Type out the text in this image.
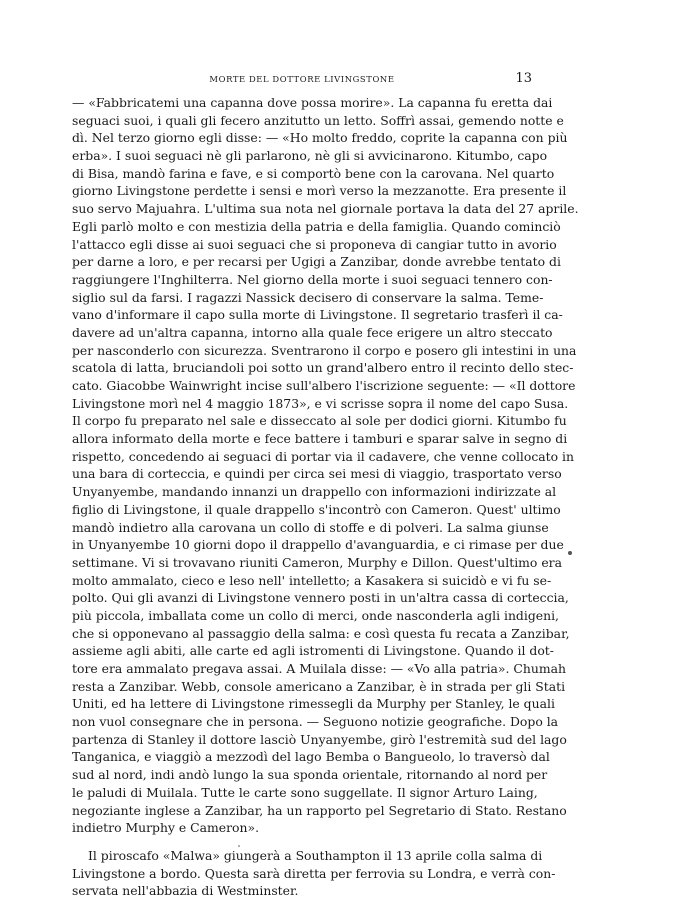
MORTE DEL DOTTORE LIVINGSTONE	13
— «Fabbricatemi una capanna dove possa morire». La capanna fu eretta dai
seguaci suoi, i quali gli fecero anzitutto un letto. Soffrì assai, gemendo notte e
dì. Nel terzo giorno egli disse: — «Ho molto freddo, coprite la capanna con più
erba». I suoi seguaci nè gli parlarono, nè gli si avvicinarono. Kitumbo, capo
di Bisa, mandò farina e fave, e si comportò bene con la carovana. Nel quarto
giorno Livingstone perdette i sensi e morì verso la mezzanotte. Era presente il
suo servo Majuahra. L'ultima sua nota nel giornale portava la data del 27 aprile.
Egli parlò molto e con mestizia della patria e della famiglia. Quando cominciò
l'attacco egli disse ai suoi seguaci che si proponeva di cangiar tutto in avorio
per darne a loro, e per recarsi per Ugigi a Zanzibar, donde avrebbe tentato di
raggiungere l'Inghilterra. Nel giorno della morte i suoi seguaci tennero con-
siglio sul da farsi. I ragazzi Nassick decisero di conservare la salma. Teme-
vano d'informare il capo sulla morte di Livingstone. Il segretario trasferì il ca-
davere ad un'altra capanna, intorno alla quale fece erigere un altro steccato
per nasconderlo con sicurezza. Sventrarono il corpo e posero gli intestini in una
scatola di latta, bruciandoli poi sotto un grand'albero entro il recinto dello stec-
cato. Giacobbe Wainwright incise sull'albero l'iscrizione seguente: — «Il dottore
Livingstone morì nel 4 maggio 1873», e vi scrisse sopra il nome del capo Susa.
Il corpo fu preparato nel sale e disseccato al sole per dodici giorni. Kitumbo fu
allora informato della morte e fece battere i tamburi e sparar salve in segno di
rispetto, concedendo ai seguaci di portar via il cadavere, che venne collocato in
una bara di corteccia, e quindi per circa sei mesi di viaggio, trasportato verso
Unyanyembe, mandando innanzi un drappello con informazioni indirizzate al
figlio di Livingstone, il quale drappello s'incontrò con Cameron. Quest' ultimo
mandò indietro alla carovana un collo di stoffe e di polveri. La salma giunse
in Unyanyembe 10 giorni dopo il drappello d'avanguardia, e ci rimase per due
settimane. Vi si trovavano riuniti Cameron, Murphy e Dillon. Quest'ultimo era
molto ammalato, cieco e leso nell' intelletto; a Kasakera si suicidò e vi fu se-
polto. Qui gli avanzi di Livingstone vennero posti in un'altra cassa di corteccia,
più piccola, imballata come un collo di merci, onde nasconderla agli indigeni,
che si opponevano al passaggio della salma: e così questa fu recata a Zanzibar,
assieme agli abiti, alle carte ed agli istromenti di Livingstone. Quando il dot-
tore era ammalato pregava assai. A Muilala disse: — «Vo alla patria». Chumah
resta a Zanzibar. Webb, console americano a Zanzibar, è in strada per gli Stati
Uniti, ed ha lettere di Livingstone rimessegli da Murphy per Stanley, le quali
non vuol consegnare che in persona. — Seguono notizie geografiche. Dopo la
partenza di Stanley il dottore lasciò Unyanyembe, girò l'estremità sud del lago
Tanganica, e viaggiò a mezzodì del lago Bemba o Bangueolo, lo traversò dal
sud al nord, indi andò lungo la sua sponda orientale, ritornando al nord per
le paludi di Muilala. Tutte le carte sono suggellate. Il signor Arturo Laing,
negoziante inglese a Zanzibar, ha un rapporto pel Segretario di Stato. Restano
indietro Murphy e Cameron».
Il piroscafo «Malwa» giungerà a Southampton il 13 aprile colla salma di
Livingstone a bordo. Questa sarà diretta per ferrovia su Londra, e verrà con-
servata nell'abbazia di Westminster.
